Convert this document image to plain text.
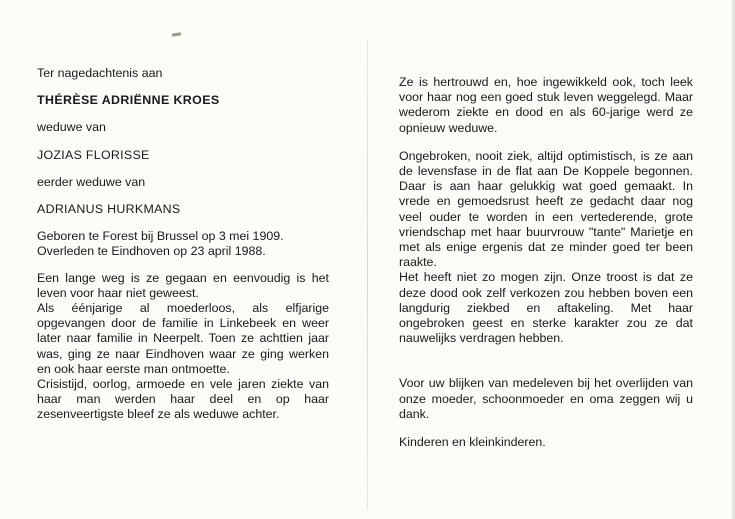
Ter nagedachtenis aan

THÉRÈSE ADRIËNNE KROES

weduwe van

JOZIAS FLORISSE

eerder weduwe van

ADRIANUS HURKMANS

Geboren te Forest bij Brussel op 3 mei 1909.

Overleden te Eindhoven op 23 april 1988.

Een lange weg is ze gegaan en eenvoudig is het leven voor haar niet geweest.

Als éénjarige al moederloos, als elfjarige opgevangen door de familie in Linkebeek en weer later naar familie in Neerpelt. Toen ze achttien jaar was, ging ze naar Eindhoven waar ze ging werken en ook haar eerste man ontmoette.

Crisistijd, oorlog, armoede en vele jaren ziekte van haar man werden haar deel en op haar zesenveertigste bleef ze als weduwe achter.

Ze is hertrouwd en, hoe ingewikkeld ook, toch leek voor haar nog een goed stuk leven weggelegd. Maar wederom ziekte en dood en als 60-jarige werd ze opnieuw weduwe.

Ongebroken, nooit ziek, altijd optimistisch, is ze aan de levensfase in de flat aan De Koppele begonnen. Daar is aan haar gelukkig wat goed gemaakt. In vrede en gemoedsrust heeft ze gedacht daar nog veel ouder te worden in een vertederende, grote vriendschap met haar buurvrouw "tante" Marietje en met als enige ergenis dat ze minder goed ter been raakte.

Het heeft niet zo mogen zijn. Onze troost is dat ze deze dood ook zelf verkozen zou hebben boven een langdurig ziekbed en aftakeling. Met haar ongebroken geest en sterke karakter zou ze dat nauwelijks verdragen hebben.

Voor uw blijken van medeleven bij het overlijden van onze moeder, schoonmoeder en oma zeggen wij u dank.

Kinderen en kleinkinderen.
